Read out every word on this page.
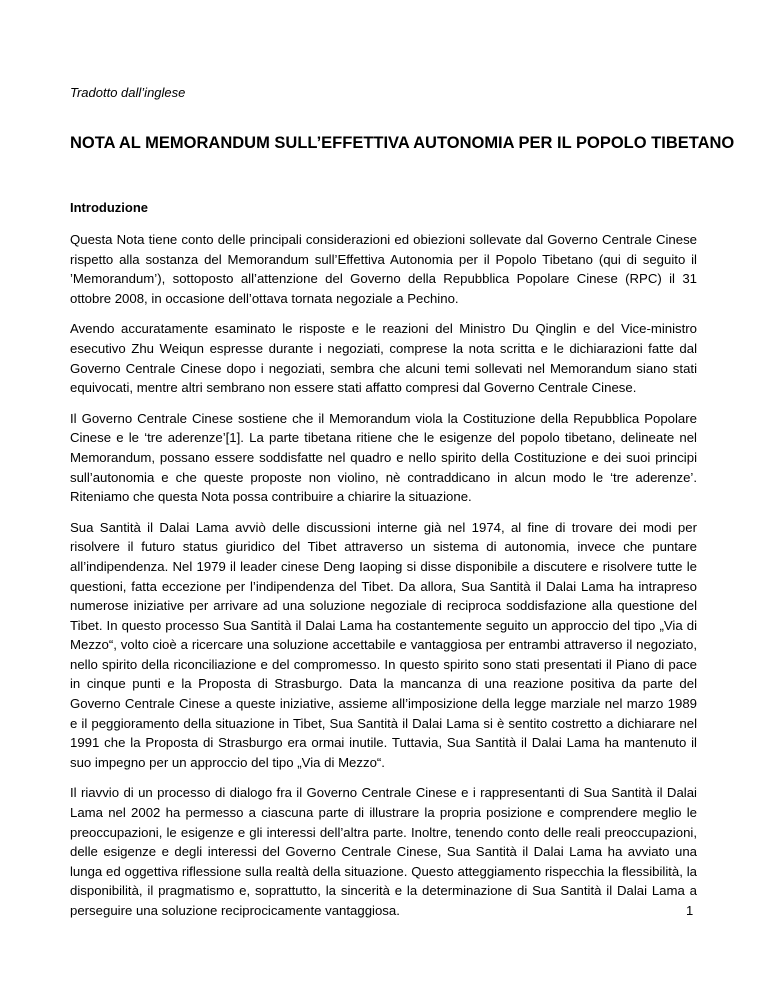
Tradotto dall’inglese

NOTA AL MEMORANDUM SULL’EFFETTIVA AUTONOMIA PER IL POPOLO TIBETANO
Introduzione

Questa Nota tiene conto delle principali considerazioni ed obiezioni sollevate dal Governo Centrale Cinese rispetto alla sostanza del Memorandum sull’Effettiva Autonomia per il Popolo Tibetano (qui di seguito il ’Memorandum’), sottoposto all’attenzione del Governo della Repubblica Popolare Cinese (RPC) il 31 ottobre 2008, in occasione dell’ottava tornata negoziale a Pechino.

Avendo accuratamente esaminato le risposte e le reazioni del Ministro Du Qinglin e del Vice-ministro esecutivo Zhu Weiqun espresse durante i negoziati, comprese la nota scritta e le dichiarazioni fatte dal Governo Centrale Cinese dopo i negoziati, sembra che alcuni temi sollevati nel Memorandum siano stati equivocati, mentre altri sembrano non essere stati affatto compresi dal Governo Centrale Cinese.

Il Governo Centrale Cinese sostiene che il Memorandum viola la Costituzione della Repubblica Popolare Cinese e le ‘tre aderenze’[1]. La parte tibetana ritiene che le esigenze del popolo tibetano, delineate nel Memorandum, possano essere soddisfatte nel quadro e nello spirito della Costituzione e dei suoi principi sull’autonomia e che queste proposte non violino, nè contraddicano in alcun modo le ‘tre aderenze’. Riteniamo che questa Nota possa contribuire a chiarire la situazione.

Sua Santità il Dalai Lama avviò delle discussioni interne già nel 1974, al fine di trovare dei modi per risolvere il futuro status giuridico del Tibet attraverso un sistema di autonomia, invece che puntare all’indipendenza. Nel 1979 il leader cinese Deng Iaoping si disse disponibile a discutere e risolvere tutte le questioni, fatta eccezione per l’indipendenza del Tibet. Da allora, Sua Santità il Dalai Lama ha intrapreso numerose iniziative per arrivare ad una soluzione negoziale di reciproca soddisfazione alla questione del Tibet. In questo processo Sua Santità il Dalai Lama ha costantemente seguito un approccio del tipo „Via di Mezzo“, volto cioè a ricercare una soluzione accettabile e vantaggiosa per entrambi attraverso il negoziato, nello spirito della riconciliazione e del compromesso. In questo spirito sono stati presentati il Piano di pace in cinque punti e la Proposta di Strasburgo. Data la mancanza di una reazione positiva da parte del Governo Centrale Cinese a queste iniziative, assieme all’imposizione della legge marziale nel marzo 1989 e il peggioramento della situazione in Tibet, Sua Santità il Dalai Lama si è sentito costretto a dichiarare nel 1991 che la Proposta di Strasburgo era ormai inutile. Tuttavia, Sua Santità il Dalai Lama ha mantenuto il suo impegno per un approccio del tipo „Via di Mezzo“.

Il riavvio di un processo di dialogo fra il Governo Centrale Cinese e i rappresentanti di Sua Santità il Dalai Lama nel 2002 ha permesso a ciascuna parte di illustrare la propria posizione e comprendere meglio le preoccupazioni, le esigenze e gli interessi dell’altra parte. Inoltre, tenendo conto delle reali preoccupazioni, delle esigenze e degli interessi del Governo Centrale Cinese, Sua Santità il Dalai Lama ha avviato una lunga ed oggettiva riflessione sulla realtà della situazione. Questo atteggiamento rispecchia la flessibilità, la disponibilità, il pragmatismo e, soprattutto, la sincerità e la determinazione di Sua Santità il Dalai Lama a perseguire una soluzione reciprocicamente vantaggiosa.	1
